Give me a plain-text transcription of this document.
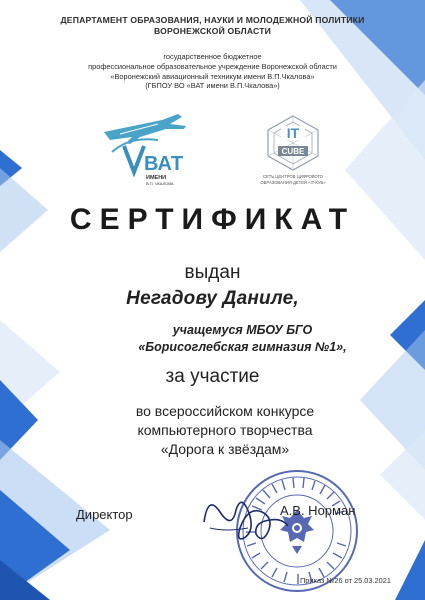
ДЕПАРТАМЕНТ ОБРАЗОВАНИЯ, НАУКИ И МОЛОДЕЖНОЙ ПОЛИТИКИ
ВОРОНЕЖСКОЙ ОБЛАСТИ
государственное бюджетное
профессиональное образовательное учреждение Воронежской области
«Воронежский авиационный техникум имени В.П.Чкалова»
(ГБПОУ ВО «ВАТ имени В.П.Чкалова»)
ВАТ
ИМЕНИ
В.П. ЧКАЛОВА
IT
CUBE
СЕТЬ ЦЕНТРОВ ЦИФРОВОГО
ОБРАЗОВАНИЯ ДЕТЕЙ «IT-КУБ»
СЕРТИФИКАТ
выдан
Негадову Даниле,
учащемуся МБОУ БГО
«Борисоглебская гимназия №1»,
за участие
во всероссийском конкурсе
компьютерного творчества
«Дорога к звёздам»
Директор	А.В. Норман
Приказ №26 от 25.03.2021
